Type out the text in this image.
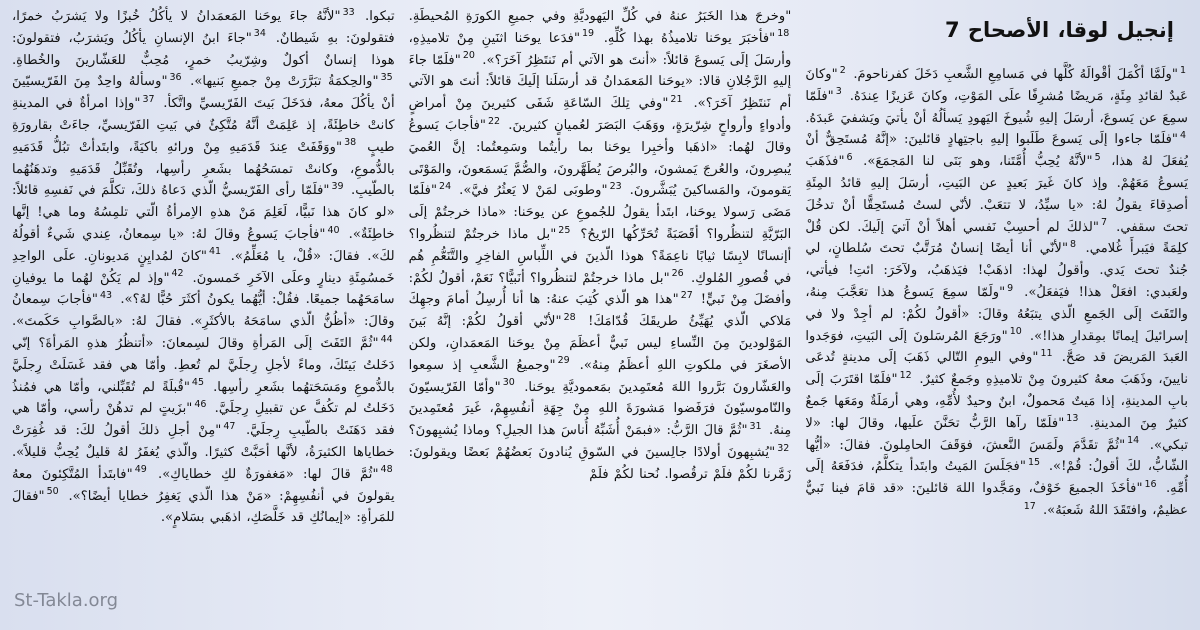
إنجيل لوقا، الأصحاح 7
$^1$"ولَمَّا أكْمَلَ أقْوالَهُ كُلَّها في مَسامِعِ الشَّعبِ دَخَلَ كفرناحومَ. $^2$"وكانَ عَبدٌ لقائدِ مِئَةٍ، مَريضًا مُشرِفًا علَى المَوْتِ، وكانَ عَزيزًا عِندَهُ. $^3$"فلَمّا سمِعَ عن يَسوعَ، أرسَلَ إليهِ شُيوخَ اليَهودِ يَسألُهُ أنْ يأتيَ ويَشفيَ عَبدَهُ. $^4$"فلَمّا جاءوا إلَى يَسوعَ طَلَبوا إليهِ باجتِهادٍ قائلينَ: «إنَّهُ مُستَحِقٌّ أنْ يُفعَلَ لهُ هذا، $^5$"لأنَّهُ يُحِبُّ أُمَّتَنا، وهو بَنَى لنا المَجمَعَ». $^6$"فذَهَبَ يَسوعُ مَعَهُمْ. وإذ كانَ غَيرَ بَعيدٍ عن البَيتِ، أرسَلَ إليهِ قائدُ المِئَةِ أصدِقاءَ يقولُ لهُ: «يا سيِّدُ، لا تتعَبْ. لأنّي لستُ مُستَحِقًّا أنْ تدخُلَ تحتَ سقفي. $^7$"لذلكَ لم أحسِبْ نَفسي أهلاً أنْ آتيَ إلَيكَ. لكن قُلْ كلِمَةً فيَبرأَ غُلامي. $^8$"لأنّي أنا أيضًا إنسانٌ مُرَتَّبٌ تحتَ سُلطانٍ، لي جُندٌ تحتَ يَدي. وأقولُ لهذا: اذهَبْ! فيَذهَبُ، ولآخَرَ: ائتِ! فيأتي، ولعَبدي: افعَلْ هذا! فيَفعَلُ». $^9$"ولَمّا سمِعَ يَسوعُ هذا تعَجَّبَ مِنهُ، والتَفَتَ إلَى الجَمعِ الّذي يتبَعُهُ وقالَ: «أقولُ لكُمْ: لم أجِدْ ولا في إسرائيلَ إيمانًا بمِقدارِ هذا!». $^{10}$"ورَجَعَ المُرسَلونَ إلَى البَيتِ، فوَجَدوا العَبدَ المَريضَ قد صَحَّ. $^{11}$"وفي اليومِ التّالي ذَهَبَ إلَى مدينةٍ تُدعَى نايينَ، وذَهَبَ معهُ كثيرونَ مِنْ تلاميذِهِ وجَمعٌ كثيرٌ. $^{12}$"فلَمّا اقتَرَبَ إلَى بابِ المدينةِ، إذا مَيتٌ مَحمولٌ، ابنٌ وحيدٌ لأُمِّهِ، وهي أرمَلَةٌ ومَعَها جَمعٌ كثيرٌ مِنَ المدينةِ. $^{13}$"فلَمّا رآها الرَّبُّ تحَنَّنَ علَيها، وقالَ لها: «لا تبكي». $^{14}$"ثُمَّ تقَدَّمَ ولَمَسَ النَّعشَ، فوَقَفَ الحامِلونَ. فقالَ: «أيُّها الشّابُّ، لكَ أقولُ: قُمْ!». $^{15}$"فجَلَسَ المَيتُ وابتَدأ يتكلَّمُ، فدَفَعَهُ إلَى أُمِّهِ. $^{16}$"فأخَذَ الجميعَ خَوْفٌ، ومَجَّدوا اللهَ قائلينَ: «قد قامَ فينا نَبيٌّ عظيمٌ، وافتَقَدَ اللهُ شَعبَهُ». $^{17}$
"وخرجَ هذا الخَبَرُ عنهُ في كُلِّ اليَهوديَّةِ وفي جميعِ الكورَةِ المُحيطَةِ. $^{18}$"فأخبَرَ يوحَنا تلاميذُهُ بهذا كُلِّهِ. $^{19}$"فدَعا يوحَنا اثنَينِ مِنْ تلاميذِهِ، وأرسَلَ إلَى يَسوعَ قائلاً: «أنتَ هو الآتي أم نَنتَظِرُ آخَرَ؟». $^{20}$"فلَمّا جاءَ إليهِ الرَّجُلانِ قالا: «يوحَنا المَعمَدانُ قد أرسَلَنا إلَيكَ قائلاً: أنتَ هو الآتي أم نَنتَظِرُ آخَرَ؟». $^{21}$"وفي تِلكَ السّاعَةِ شَفَى كثيرينَ مِنْ أمراضٍ وأدواءٍ وأرواحٍ شِرّيرَةٍ، ووَهَبَ البَصَرَ لعُميانٍ كثيرينَ. $^{22}$"فأجابَ يَسوعُ وقالَ لهُما: «اذهَبا وأخبِرا يوحَنا بما رأيتُما وسَمِعتُما: إنَّ العُميَ يُبصِرونَ، والعُرجَ يَمشونَ، والبُرصَ يُطَهَّرونَ، والصُّمَّ يَسمَعونَ، والمَوْتَى يَقومونَ، والمَساكينَ يُبَشَّرونَ. $^{23}$"وطوبَى لمَنْ لا يَعثُرُ فيَّ». $^{24}$"فلَمّا مَضَى رَسولا يوحَنا، ابتَدأ يقولُ للجُموعِ عن يوحَنا: «ماذا خرجتُمْ إلَى البَرّيَّةِ لتنظُروا؟ أقَصَبَةً تُحَرِّكُها الرّيحُ؟ $^{25}$"بل ماذا خرجتُمْ لتنظُروا؟ أإنسانًا لابِسًا ثيابًا ناعِمَةً؟ هوذا الّذينَ في اللِّباسِ الفاخِرِ والتَّنَعُّمِ هُم في قُصورِ المُلوكِ. $^{26}$"بل ماذا خرجتُمْ لتنظُروا؟ أنَبيًّا؟ نَعَمْ، أقولُ لكُمْ: وأفضَلَ مِنْ نَبيٍّ! $^{27}$"هذا هو الّذي كُتِبَ عنهُ: ها أنا أُرسِلُ أمامَ وجهِكَ مَلاكي الّذي يُهَيِّئُ طريقَكَ قُدّامَكَ! $^{28}$"لأنّي أقولُ لكُمْ: إنَّهُ بَينَ المَوْلودينَ مِنَ النِّساءِ ليس نَبيٌّ أعظَمَ مِنْ يوحَنا المَعمَدانِ، ولكن الأصغَرَ في ملكوتِ اللهِ أعظَمُ مِنهُ». $^{29}$"وجميعُ الشَّعبِ إذ سمِعوا والعَشّارونَ بَرَّروا اللهَ مُعتَمِدينَ بمَعموديَّةِ يوحَنا. $^{30}$"وأمّا الفَرّيسيّونَ والنّاموسيّونَ فرَفَضوا مَشورَةَ اللهِ مِنْ جِهَةِ أنفُسِهِمْ، غَيرَ مُعتَمِدينَ مِنهُ. $^{31}$"ثُمَّ قالَ الرَّبُّ: «فبمَنْ أُشَبِّهُ أُناسَ هذا الجيلِ؟ وماذا يُشبِهونَ؟ $^{32}$"يُشبِهونَ أولادًا جالِسينَ في السّوقِ يُنادونَ بَعضُهُمْ بَعضًا ويقولونَ: زَمَّرنا لكُمْ فلَمْ ترقُصوا. نُحنا لكُمْ فلَمْ
تبكوا. $^{33}$"لأنَّهُ جاءَ يوحَنا المَعمَدانُ لا يأكُلُ خُبزًا ولا يَشرَبُ خمرًا، فتقولونَ: بهِ شَيطانٌ. $^{34}$"جاءَ ابنُ الإنسانِ يأكُلُ ويَشرَبُ، فتقولونَ: هوذا إنسانٌ أكولٌ وشِرّيبُ خمرٍ، مُحِبٌّ للعَشّارينَ والخُطاةِ. $^{35}$"والحِكمَةُ تبَرَّرَتْ مِنْ جميعِ بَنيها». $^{36}$"وسألهُ واحِدٌ مِنَ الفَرّيسيّينَ أنْ يأكُلَ معهُ، فدَخَلَ بَيتَ الفَرّيسيِّ واتَّكأ. $^{37}$"وإذا امرأةٌ في المدينةِ كانتْ خاطِئَةً، إذ عَلِمَتْ أنَّهُ مُتَّكِئٌ في بَيتِ الفَرّيسيِّ، جاءَتْ بقارورَةِ طيبٍ $^{38}$"ووَقَفَتْ عِندَ قَدَمَيهِ مِنْ ورائهِ باكيَةً، وابتَدأتْ تبُلُّ قَدَمَيهِ بالدُّموعِ، وكانتْ تمسَحُهُما بشَعرِ رأسِها، وتُقَبِّلُ قَدَمَيهِ وتدهَنُهُما بالطّيبِ. $^{39}$"فلَمّا رأى الفَرّيسيُّ الّذي دَعاهُ ذلكَ، تكلَّمَ في نَفسِهِ قائلاً: «لو كانَ هذا نَبيًّا، لَعَلِمَ مَنْ هذهِ الاِمرأةُ الّتي تلمِسُهُ وما هي! إنَّها خاطِئَةٌ». $^{40}$"فأجابَ يَسوعُ وقالَ لهُ: «يا سِمعانُ، عِندي شَيءٌ أقولُهُ لكَ». فقالَ: «قُلْ، يا مُعَلِّمُ». $^{41}$"كانَ لمُدايِنٍ مَديونانِ. علَى الواحِدِ خَمسُمِئَةِ دينارٍ وعلَى الآخَرِ خَمسونَ. $^{42}$"وإذ لم يَكُنْ لهُما ما يوفيانِ سامَحَهُما جميعًا. فقُلْ: أيُّهُما يكونُ أكثَرَ حُبًّا لهُ؟». $^{43}$"فأجابَ سِمعانُ وقالَ: «أظُنُّ الّذي سامَحَهُ بالأكثَرِ». فقالَ لهُ: «بالصَّوابِ حَكَمتَ». $^{44}$"ثُمَّ التَفَتَ إلَى المَرأةِ وقالَ لسِمعانَ: «أتنظُرُ هذهِ المَرأةَ؟ إنّي دَخَلتُ بَيتَكَ، وماءً لأجلِ رِجلَيَّ لم تُعطِ. وأمّا هي فقد غَسَلَتْ رِجلَيَّ بالدُّموعِ ومَسَحَتهُما بشَعرِ رأسِها. $^{45}$"قُبلَةً لم تُقَبِّلني، وأمّا هي فمُنذُ دَخَلتُ لم تكُفَّ عن تقبيلِ رِجلَيَّ. $^{46}$"بزَيتٍ لم تدهُنْ رأسي، وأمّا هي فقد دَهَنَتْ بالطّيبِ رِجلَيَّ. $^{47}$"مِنْ أجلِ ذلكَ أقولُ لكَ: قد غُفِرَتْ خطاياها الكثيرَةُ، لأنَّها أحَبَّتْ كثيرًا. والّذي يُغفَرُ لهُ قليلٌ يُحِبُّ قليلاً». $^{48}$"ثُمَّ قالَ لها: «مَغفورَةٌ لكِ خطاياكِ». $^{49}$"فابتَدأ المُتَّكِئونَ معهُ يقولونَ في أنفُسِهِمْ: «مَنْ هذا الّذي يَغفِرُ خطايا أيضًا؟». $^{50}$"فقالَ للمَرأةِ: «إيمانُكِ قد خَلَّصَكِ، اذهَبي بسَلامٍ».
St-Takla.org
